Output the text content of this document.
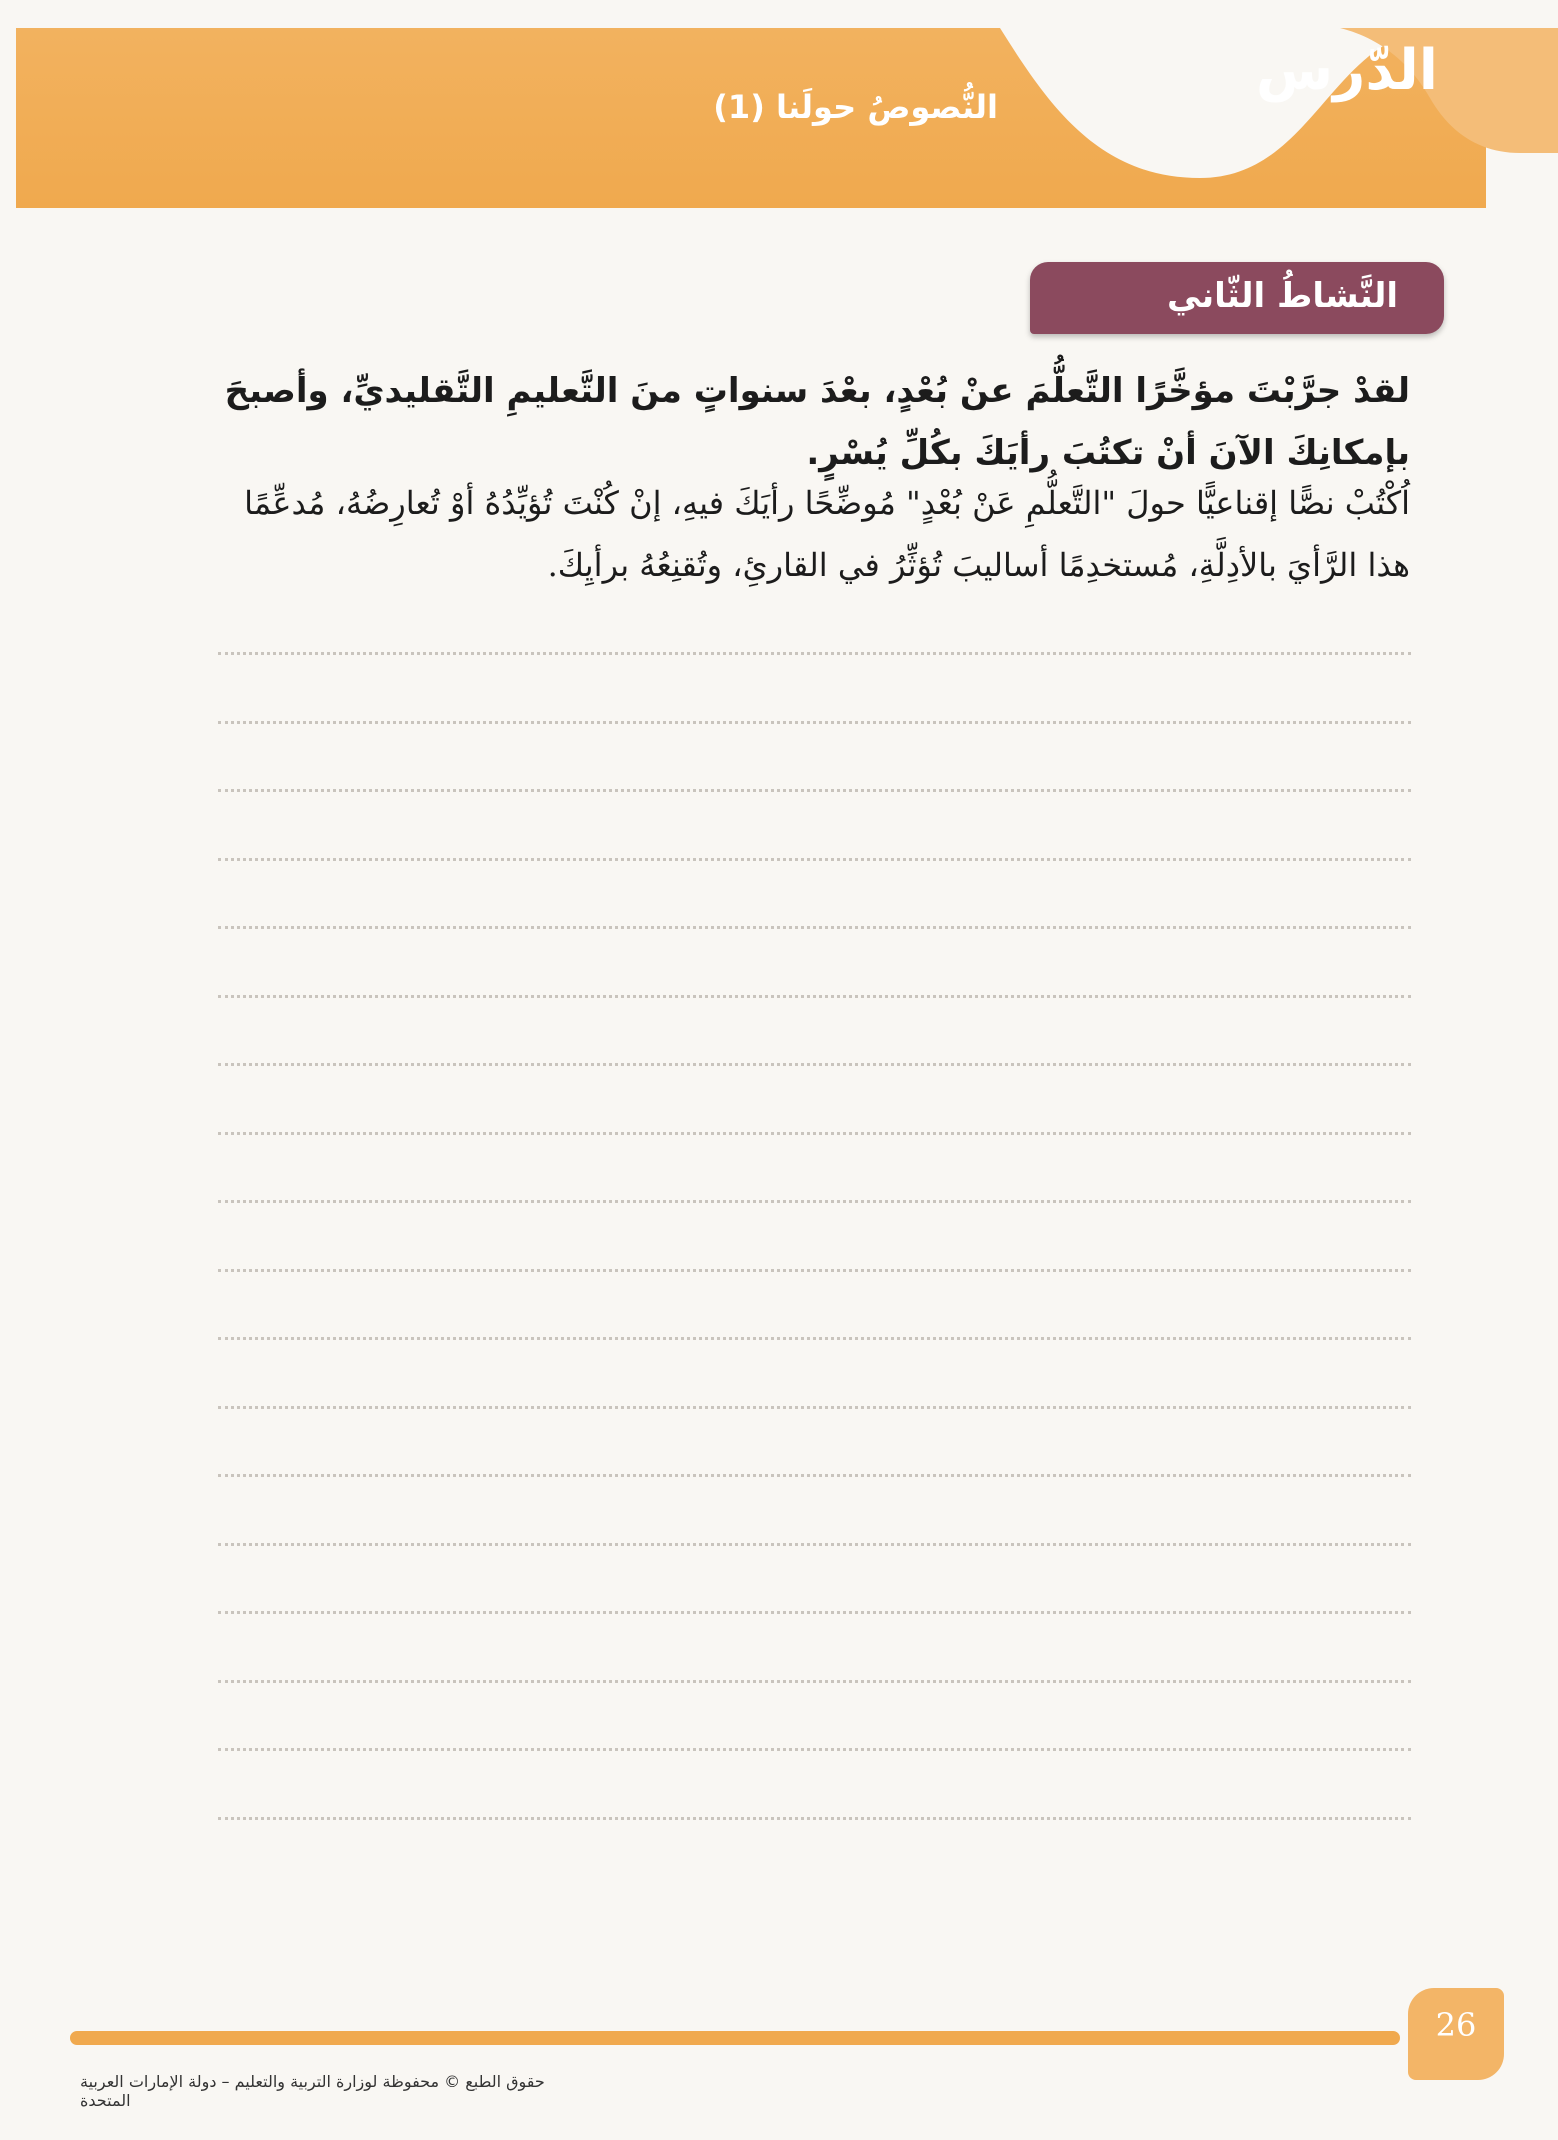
الدّرس
النُّصوصُ حولَنا (1)
النَّشاطُ الثّاني
لقدْ جرَّبْتَ مؤخَّرًا التَّعلُّمَ عنْ بُعْدٍ، بعْدَ سنواتٍ منَ التَّعليمِ التَّقليديِّ، وأصبحَ بإمكانِكَ الآنَ أنْ تكتُبَ رأيَكَ بكُلِّ يُسْرٍ.
اُكْتُبْ نصًّا إقناعيًّا حولَ "التَّعلُّمِ عَنْ بُعْدٍ" مُوضِّحًا رأيَكَ فيهِ، إنْ كُنْتَ تُؤيِّدُهُ أوْ تُعارِضُهُ، مُدعِّمًا هذا الرَّأيَ بالأدِلَّةِ، مُستخدِمًا أساليبَ تُؤثِّرُ في القارئِ، وتُقنِعُهُ برأيِكَ.
26
حقوق الطبع © محفوظة لوزارة التربية والتعليم – دولة الإمارات العربية المتحدة
